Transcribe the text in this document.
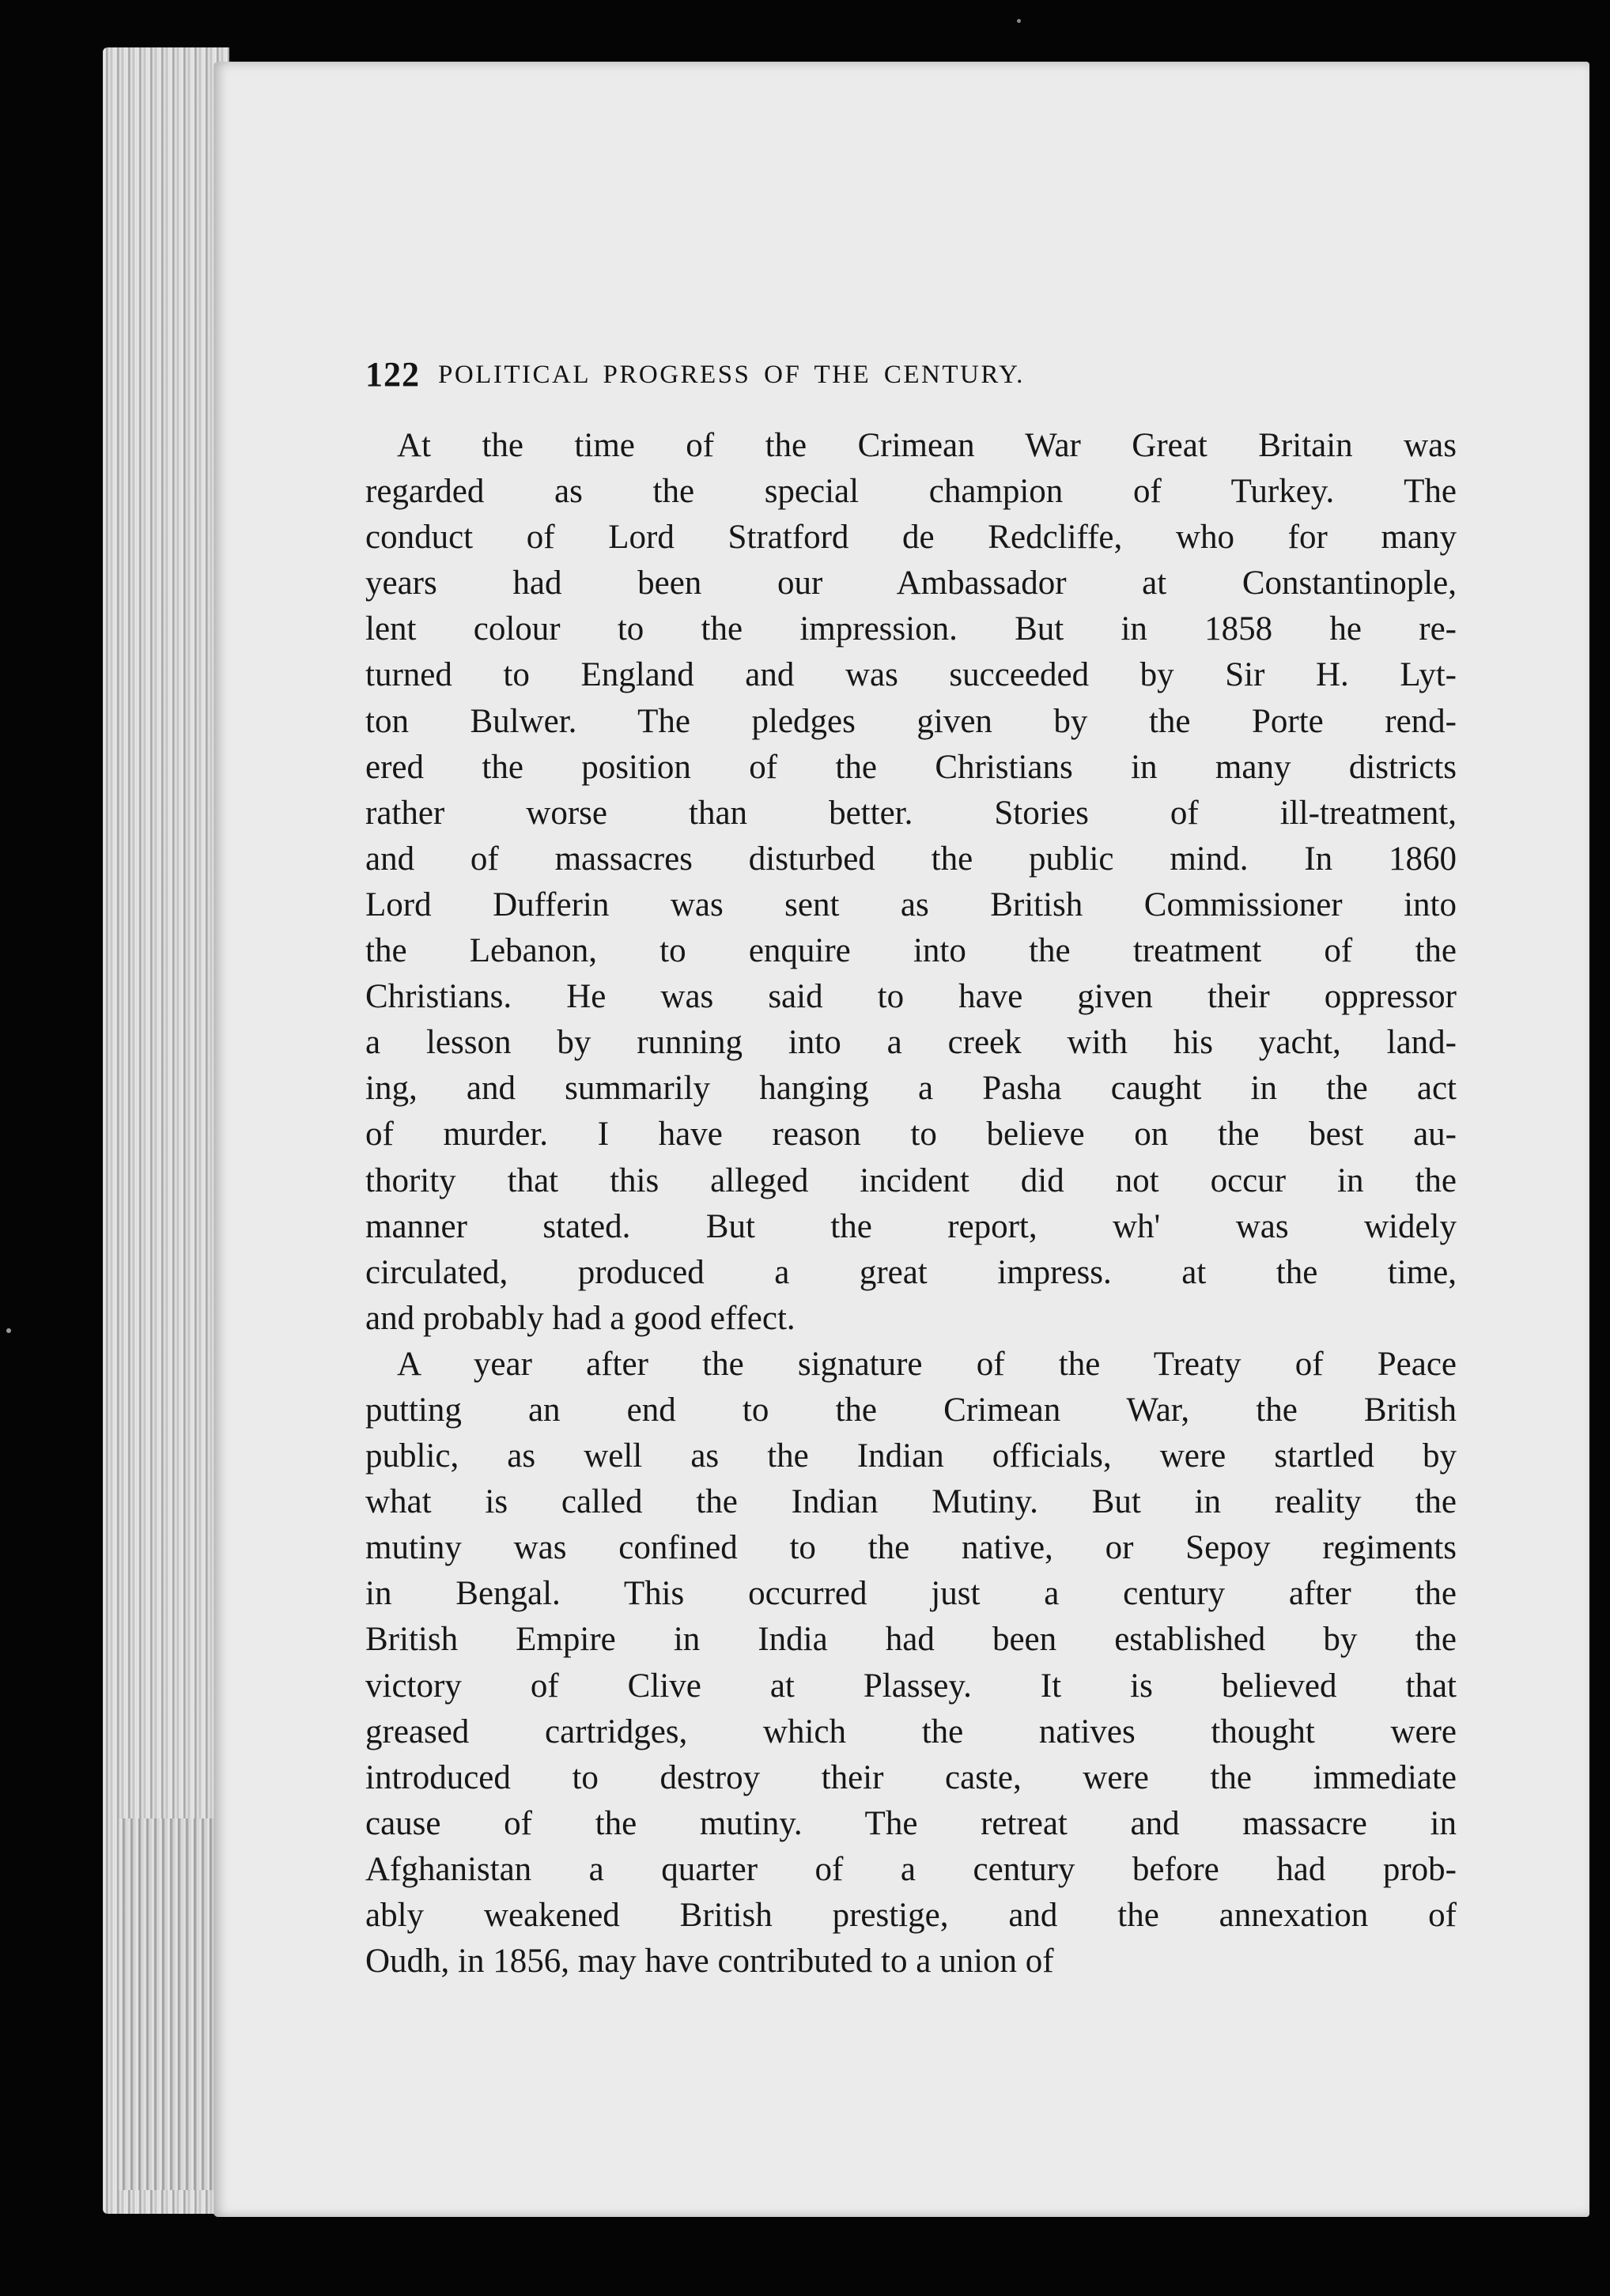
122 POLITICAL PROGRESS OF THE CENTURY.
At the time of the Crimean War Great Britain was
regarded as the special champion of Turkey. The
conduct of Lord Stratford de Redcliffe, who for many
years had been our Ambassador at Constantinople,
lent colour to the impression. But in 1858 he re-
turned to England and was succeeded by Sir H. Lyt-
ton Bulwer. The pledges given by the Porte rend-
ered the position of the Christians in many districts
rather worse than better. Stories of ill-treatment,
and of massacres disturbed the public mind. In 1860
Lord Dufferin was sent as British Commissioner into
the Lebanon, to enquire into the treatment of the
Christians. He was said to have given their oppressor
a lesson by running into a creek with his yacht, land-
ing, and summarily hanging a Pasha caught in the act
of murder. I have reason to believe on the best au-
thority that this alleged incident did not occur in the
manner stated. But the report, wh' was widely
circulated, produced a great impress. at the time,
and probably had a good effect.
A year after the signature of the Treaty of Peace
putting an end to the Crimean War, the British
public, as well as the Indian officials, were startled by
what is called the Indian Mutiny. But in reality the
mutiny was confined to the native, or Sepoy regiments
in Bengal. This occurred just a century after the
British Empire in India had been established by the
victory of Clive at Plassey. It is believed that
greased cartridges, which the natives thought were
introduced to destroy their caste, were the immediate
cause of the mutiny. The retreat and massacre in
Afghanistan a quarter of a century before had prob-
ably weakened British prestige, and the annexation of
Oudh, in 1856, may have contributed to a union of
